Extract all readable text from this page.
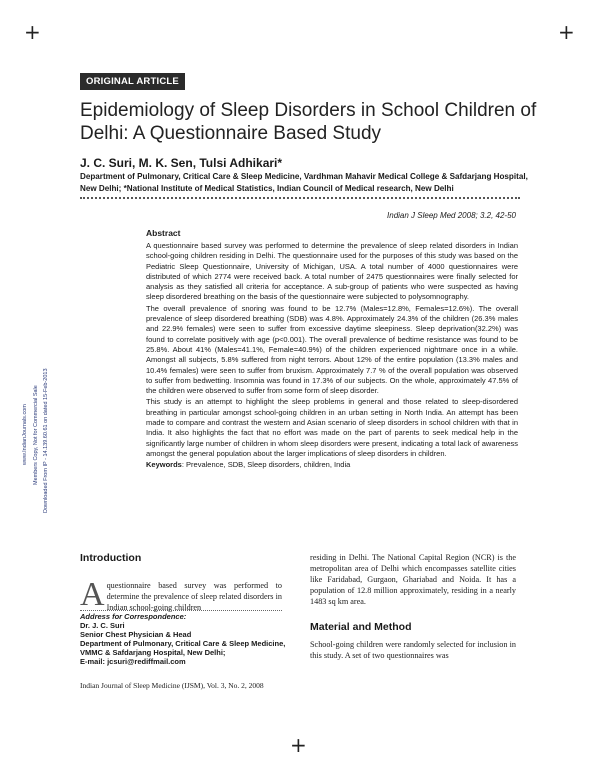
+	+
+
ORIGINAL ARTICLE
Epidemiology of Sleep Disorders in School Children of Delhi: A Questionnaire Based Study
J. C. Suri, M. K. Sen, Tulsi Adhikari*
Department of Pulmonary, Critical Care & Sleep Medicine, Vardhman Mahavir Medical College & Safdarjang Hospital, New Delhi; *National Institute of Medical Statistics, Indian Council of Medical research, New Delhi
Indian J Sleep Med 2008; 3.2, 42-50
Abstract

A questionnaire based survey was performed to determine the prevalence of sleep related disorders in Indian school-going children residing in Delhi. The questionnaire used for the purposes of this study was based on the Pediatric Sleep Questionnaire, University of Michigan, USA. A total number of 4000 questionnaires were distributed of which 2774 were received back. A total number of 2475 questionnaires were finally selected for analysis as they satisfied all criteria for acceptance. A sub-group of patients who were suspected as having sleep disordered breathing on the basis of the questionnaire were subjected to polysomnography.

The overall prevalence of snoring was found to be 12.7% (Males=12.8%, Females=12.6%). The overall prevalence of sleep disordered breathing (SDB) was 4.8%. Approximately 24.3% of the children (26.3% males and 22.9% females) were seen to suffer from excessive daytime sleepiness. Sleep deprivation(32.2%) was found to correlate positively with age (p<0.001). The overall prevalence of bedtime resistance was found to be 25.8%. About 41% (Males=41.1%, Female=40.9%) of the children experienced nightmare once in a while. Amongst all subjects, 5.8% suffered from night terrors. About 12% of the entire population (13.3% males and 10.4% females) were seen to suffer from bruxism. Approximately 7.7 % of the overall population was observed to suffer from bedwetting. Insomnia was found in 17.3% of our subjects. On the whole, approximately 47.5% of the children were observed to suffer from some form of sleep disorder.

This study is an attempt to highlight the sleep problems in general and those related to sleep-disordered breathing in particular amongst school-going children in an urban setting in North India. An attempt has been made to compare and contrast the western and Asian scenario of sleep disorders in school children with that in India. It also highlights the fact that no effort was made on the part of parents to seek medical help in the significantly large number of children in whom sleep disorders were present, indicating a total lack of awareness amongst the general population about the larger implications of sleep disorders in children.

Keywords: Prevalence, SDB, Sleep disorders, children, India

www.IndianJournals.com Members Copy, Not for Commercial Sale Downloaded From IP - 14.139.60.61 on dated 15-Feb-2013
Introduction
A questionnaire based survey was performed to determine the prevalence of sleep related disorders in Indian school-going children

Address for Correspondence:

Dr. J. C. Suri

Senior Chest Physician & Head

Department of Pulmonary, Critical Care & Sleep Medicine, VMMC & Safdarjang Hospital, New Delhi;

E-mail: jcsuri@rediffmail.com

Indian Journal of Sleep Medicine (IJSM), Vol. 3, No. 2, 2008

residing in Delhi. The National Capital Region (NCR) is the metropolitan area of Delhi which encompasses satellite cities like Faridabad, Gurgaon, Ghariabad and Noida. It has a population of 12.8 million approximately, residing in a nearly 1483 sq km area.

Material and Method

School-going children were randomly selected for inclusion in this study. A set of two questionnaires was
